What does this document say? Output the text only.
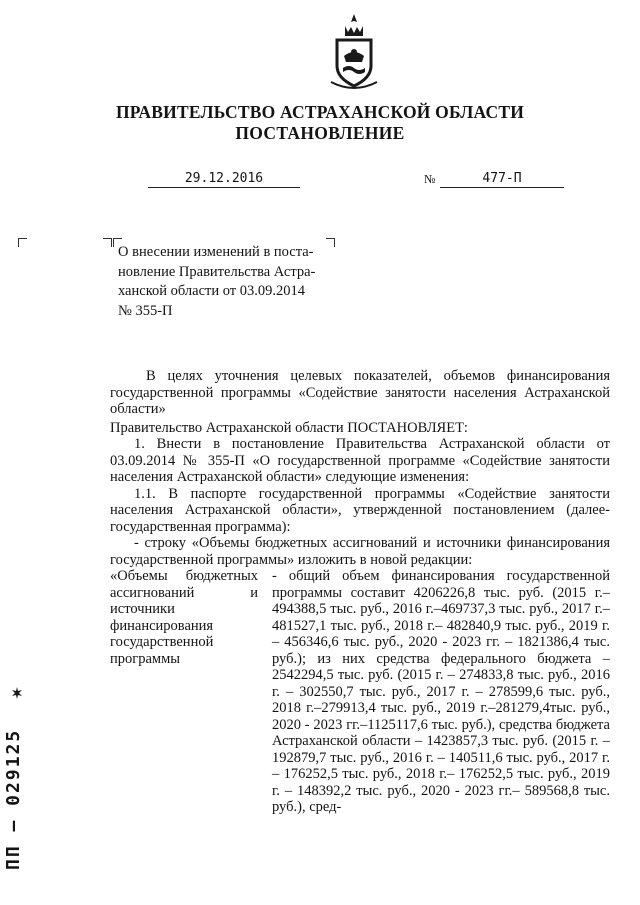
ПРАВИТЕЛЬСТВО АСТРАХАНСКОЙ ОБЛАСТИ
ПОСТАНОВЛЕНИЕ
29.12.2016	№	477-П
О внесении изменений в поста-
новление Правительства Астра-
ханской области от 03.09.2014
№ 355-П

В целях уточнения целевых показателей, объемов финансирования государственной программы «Содействие занятости населения Астраханской области»

Правительство Астраханской области ПОСТАНОВЛЯЕТ:

1. Внести в постановление Правительства Астраханской области от 03.09.2014 № 355-П «О государственной программе «Содействие занятости населения Астраханской области» следующие изменения:

1.1. В паспорте государственной программы «Содействие занятости населения Астраханской области», утвержденной постановлением (далее- государственная программа):

- строку «Объемы бюджетных ассигнований и источники финансирования государственной программы» изложить в новой редакции:

«Объемы бюджетных ассигнований и источники финансирования государственной программы
- общий объем финансирования государственной программы составит 4206226,8 тыс. руб. (2015 г.– 494388,5 тыс. руб., 2016 г.–469737,3 тыс. руб., 2017 г.– 481527,1 тыс. руб., 2018 г.– 482840,9 тыс. руб., 2019 г. – 456346,6 тыс. руб., 2020 - 2023 гг. – 1821386,4 тыс. руб.); из них средства федерального бюджета – 2542294,5 тыс. руб. (2015 г. – 274833,8 тыс. руб., 2016 г. – 302550,7 тыс. руб., 2017 г. – 278599,6 тыс. руб., 2018 г.–279913,4 тыс. руб., 2019 г.–281279,4тыс. руб., 2020 - 2023 гг.–1125117,6 тыс. руб.), средства бюджета Астраханской области – 1423857,3 тыс. руб. (2015 г. – 192879,7 тыс. руб., 2016 г. – 140511,6 тыс. руб., 2017 г. – 176252,5 тыс. руб., 2018 г.– 176252,5 тыс. руб., 2019 г. – 148392,2 тыс. руб., 2020 - 2023 гг.– 589568,8 тыс. руб.), сред-
ПП – 029125
